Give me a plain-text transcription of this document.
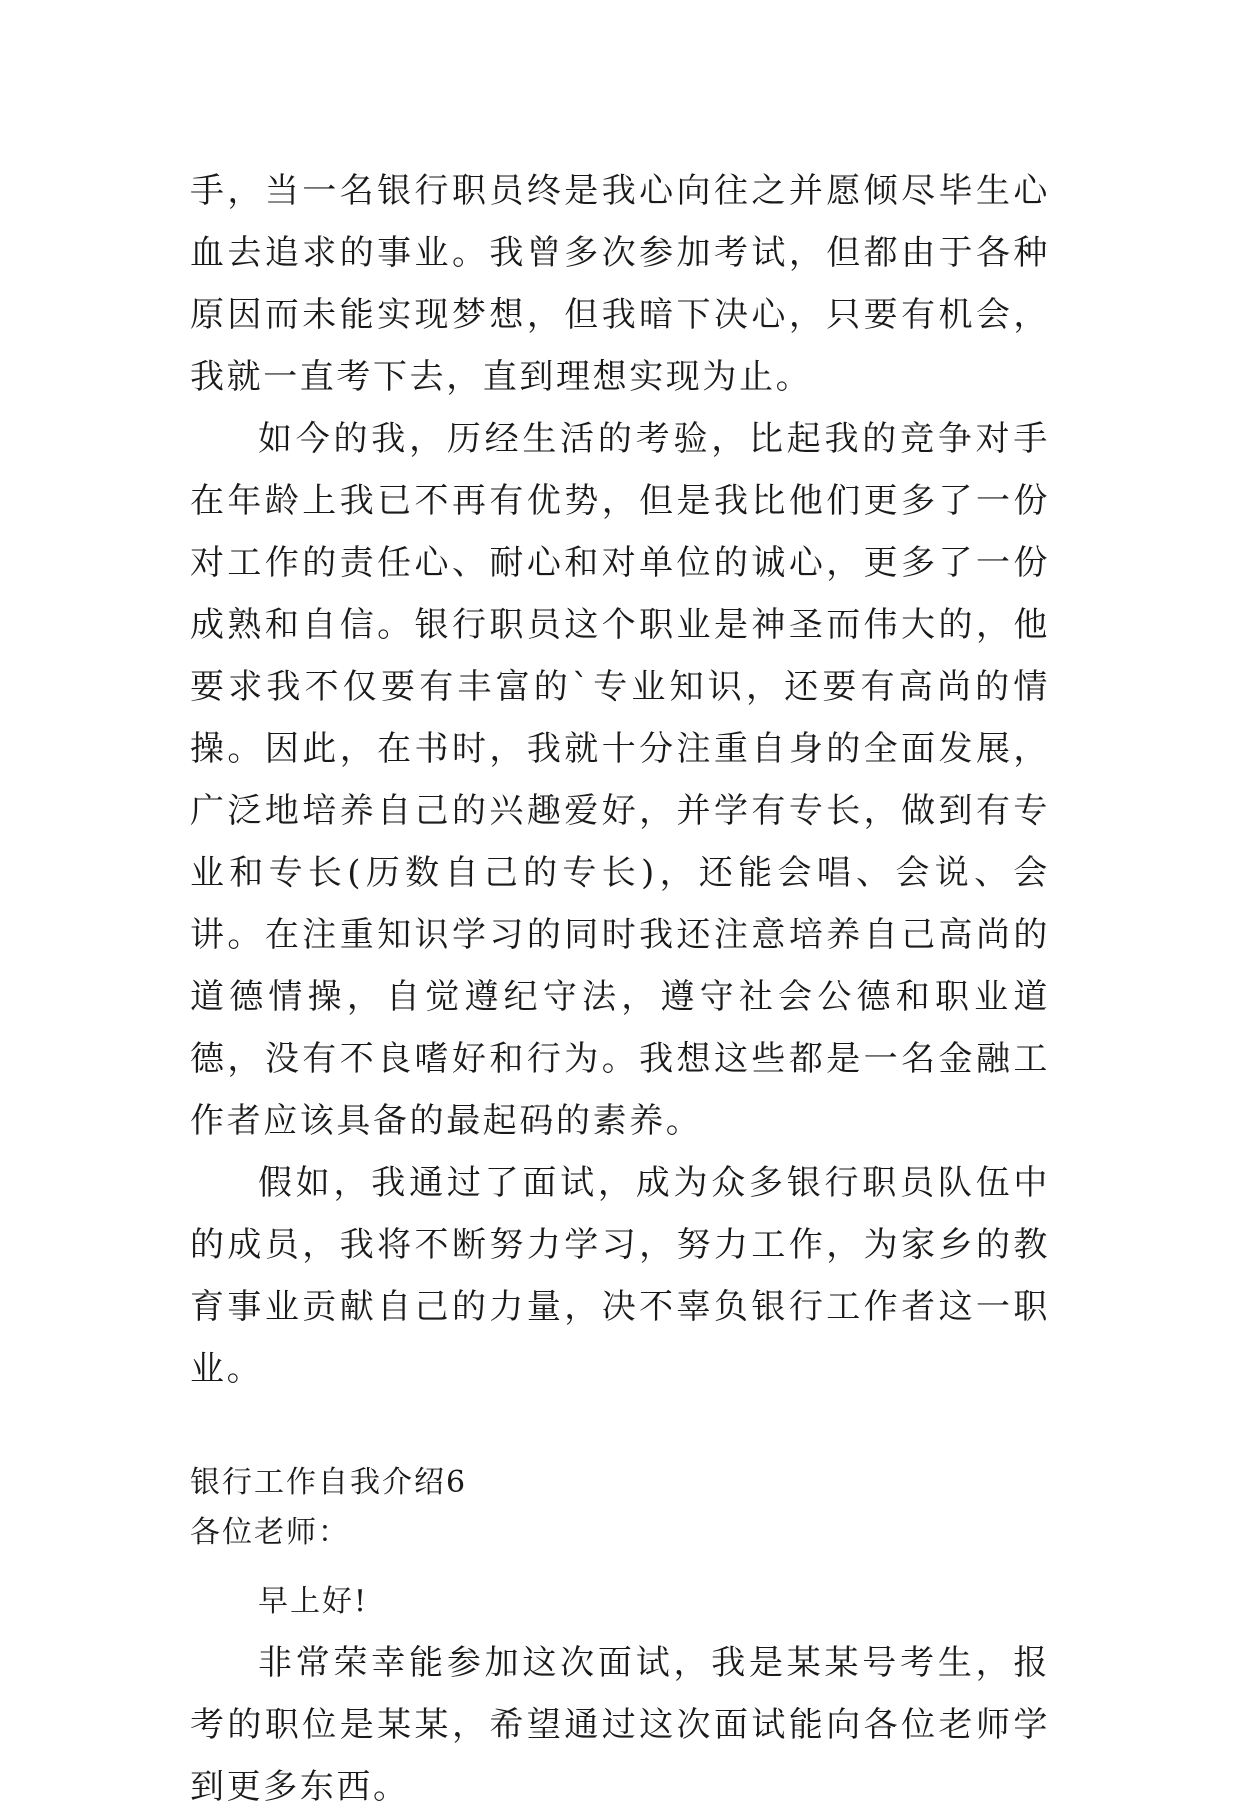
手，当一名银行职员终是我心向往之并愿倾尽毕生心血去追求的事业。我曾多次参加考试，但都由于各种原因而未能实现梦想，但我暗下决心，只要有机会，我就一直考下去，直到理想实现为止。

如今的我，历经生活的考验，比起我的竞争对手在年龄上我已不再有优势，但是我比他们更多了一份对工作的责任心、耐心和对单位的诚心，更多了一份成熟和自信。银行职员这个职业是神圣而伟大的，他要求我不仅要有丰富的`专业知识，还要有高尚的情操。因此，在书时，我就十分注重自身的全面发展，广泛地培养自己的兴趣爱好，并学有专长，做到有专业和专长(历数自己的专长)，还能会唱、会说、会讲。在注重知识学习的同时我还注意培养自己高尚的道德情操，自觉遵纪守法，遵守社会公德和职业道德，没有不良嗜好和行为。我想这些都是一名金融工作者应该具备的最起码的素养。

假如，我通过了面试，成为众多银行职员队伍中的成员，我将不断努力学习，努力工作，为家乡的教育事业贡献自己的力量，决不辜负银行工作者这一职业。

银行工作自我介绍6

各位老师：

早上好!

非常荣幸能参加这次面试，我是某某号考生，报考的职位是某某，希望通过这次面试能向各位老师学到更多东西。
